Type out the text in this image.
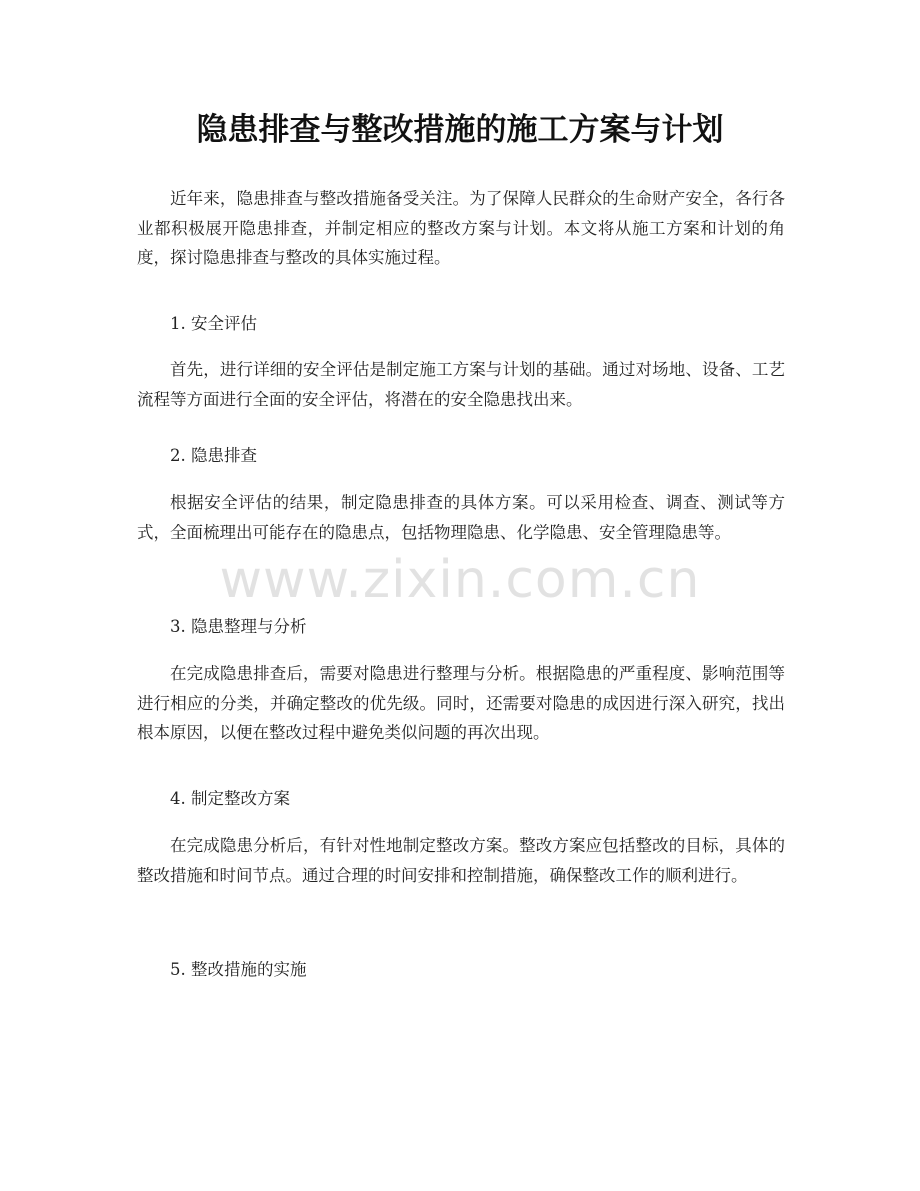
隐患排查与整改措施的施工方案与计划

近年来，隐患排查与整改措施备受关注。为了保障人民群众的生命财产安全，各行各业都积极展开隐患排查，并制定相应的整改方案与计划。本文将从施工方案和计划的角度，探讨隐患排查与整改的具体实施过程。

1. 安全评估

首先，进行详细的安全评估是制定施工方案与计划的基础。通过对场地、设备、工艺流程等方面进行全面的安全评估，将潜在的安全隐患找出来。

2. 隐患排查

根据安全评估的结果，制定隐患排查的具体方案。可以采用检查、调查、测试等方式，全面梳理出可能存在的隐患点，包括物理隐患、化学隐患、安全管理隐患等。

3. 隐患整理与分析

在完成隐患排查后，需要对隐患进行整理与分析。根据隐患的严重程度、影响范围等进行相应的分类，并确定整改的优先级。同时，还需要对隐患的成因进行深入研究，找出根本原因，以便在整改过程中避免类似问题的再次出现。

4. 制定整改方案

在完成隐患分析后，有针对性地制定整改方案。整改方案应包括整改的目标，具体的整改措施和时间节点。通过合理的时间安排和控制措施，确保整改工作的顺利进行。

5. 整改措施的实施

www.zixin.com.cn
